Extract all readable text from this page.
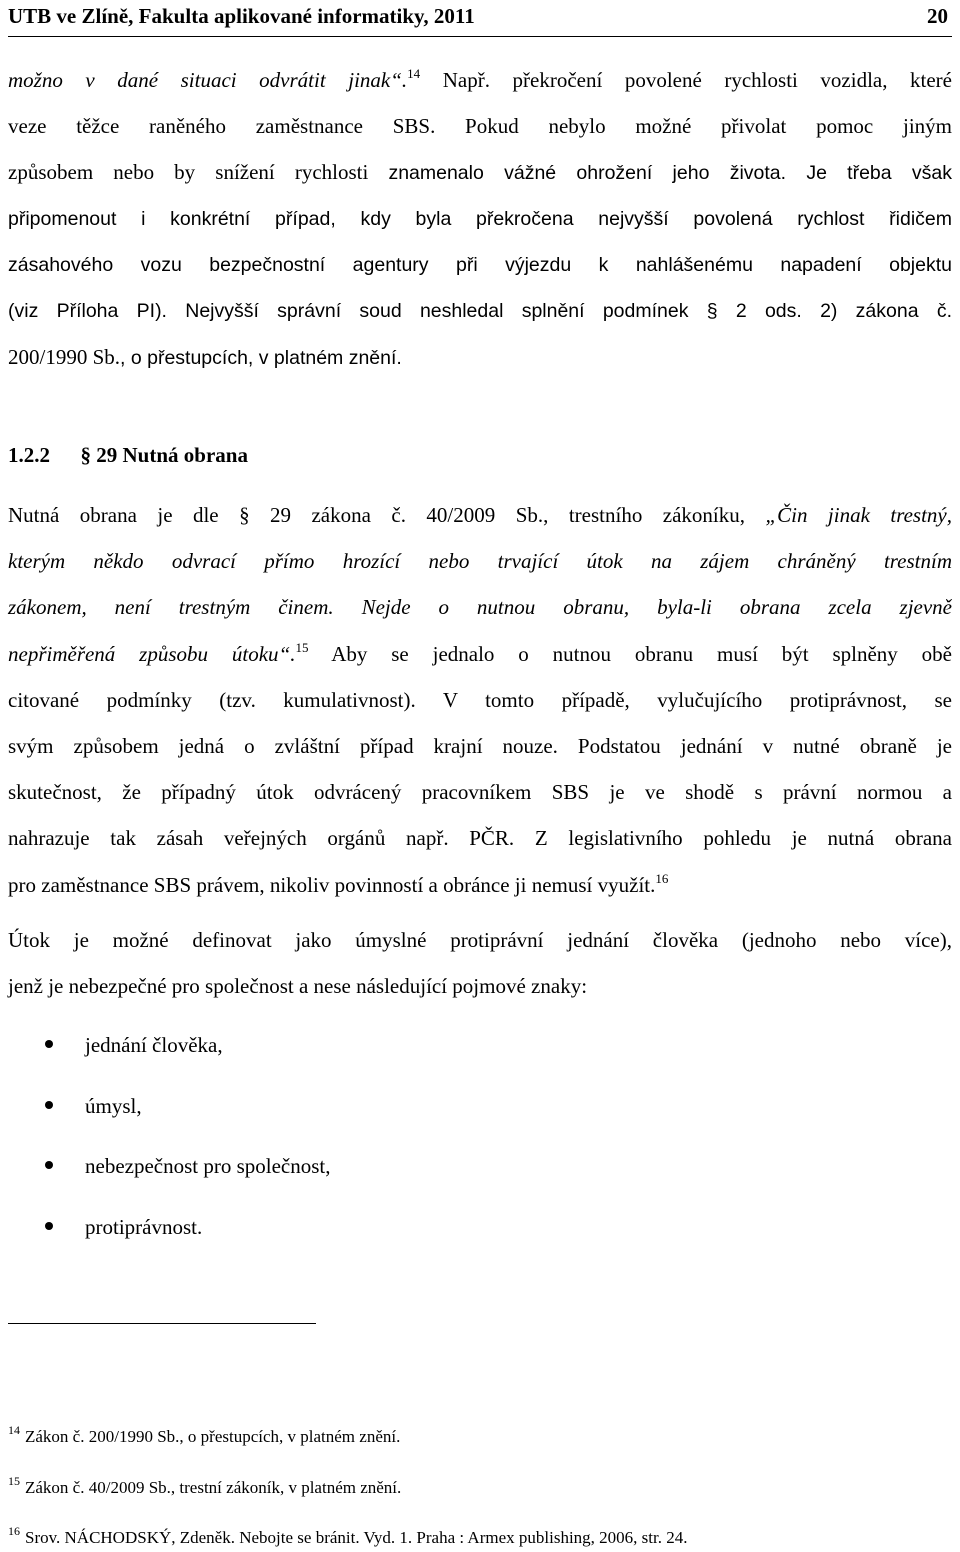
UTB ve Zlíně, Fakulta aplikované informatiky, 2011	20
možno v dané situaci odvrátit jinak“.$^{14}$ Např. překročení povolené rychlosti vozidla, které
veze těžce raněného zaměstnance SBS. Pokud nebylo možné přivolat pomoc jiným
způsobem nebo by snížení rychlosti znamenalo vážné ohrožení jeho života. Je třeba však
připomenout i konkrétní případ, kdy byla překročena nejvyšší povolená rychlost řidičem
zásahového vozu bezpečnostní agentury při výjezdu k nahlášenému napadení objektu
(viz Příloha PI). Nejvyšší správní soud neshledal splnění podmínek § 2 ods. 2) zákona č.
200/1990 Sb., o přestupcích, v platném znění.
1.2.2 § 29 Nutná obrana
Nutná obrana je dle § 29 zákona č. 40/2009 Sb., trestního zákoníku, „Čin jinak trestný,
kterým někdo odvrací přímo hrozící nebo trvající útok na zájem chráněný trestním
zákonem, není trestným činem. Nejde o nutnou obranu, byla-li obrana zcela zjevně
nepřiměřená způsobu útoku“.$^{15}$ Aby se jednalo o nutnou obranu musí být splněny obě
citované podmínky (tzv. kumulativnost). V tomto případě, vylučujícího protiprávnost, se
svým způsobem jedná o zvláštní případ krajní nouze. Podstatou jednání v nutné obraně je
skutečnost, že případný útok odvrácený pracovníkem SBS je ve shodě s právní normou a
nahrazuje tak zásah veřejných orgánů např. PČR. Z legislativního pohledu je nutná obrana
pro zaměstnance SBS právem, nikoliv povinností a obránce ji nemusí využít.$^{16}$
Útok je možné definovat jako úmyslné protiprávní jednání člověka (jednoho nebo více),
jenž je nebezpečné pro společnost a nese následující pojmové znaky:
jednání člověka,
úmysl,
nebezpečnost pro společnost,
protiprávnost.
$^{14}$ Zákon č. 200/1990 Sb., o přestupcích, v platném znění.
$^{15}$ Zákon č. 40/2009 Sb., trestní zákoník, v platném znění.
$^{16}$ Srov. NÁCHODSKÝ, Zdeněk. Nebojte se bránit. Vyd. 1. Praha : Armex publishing, 2006, str. 24.
